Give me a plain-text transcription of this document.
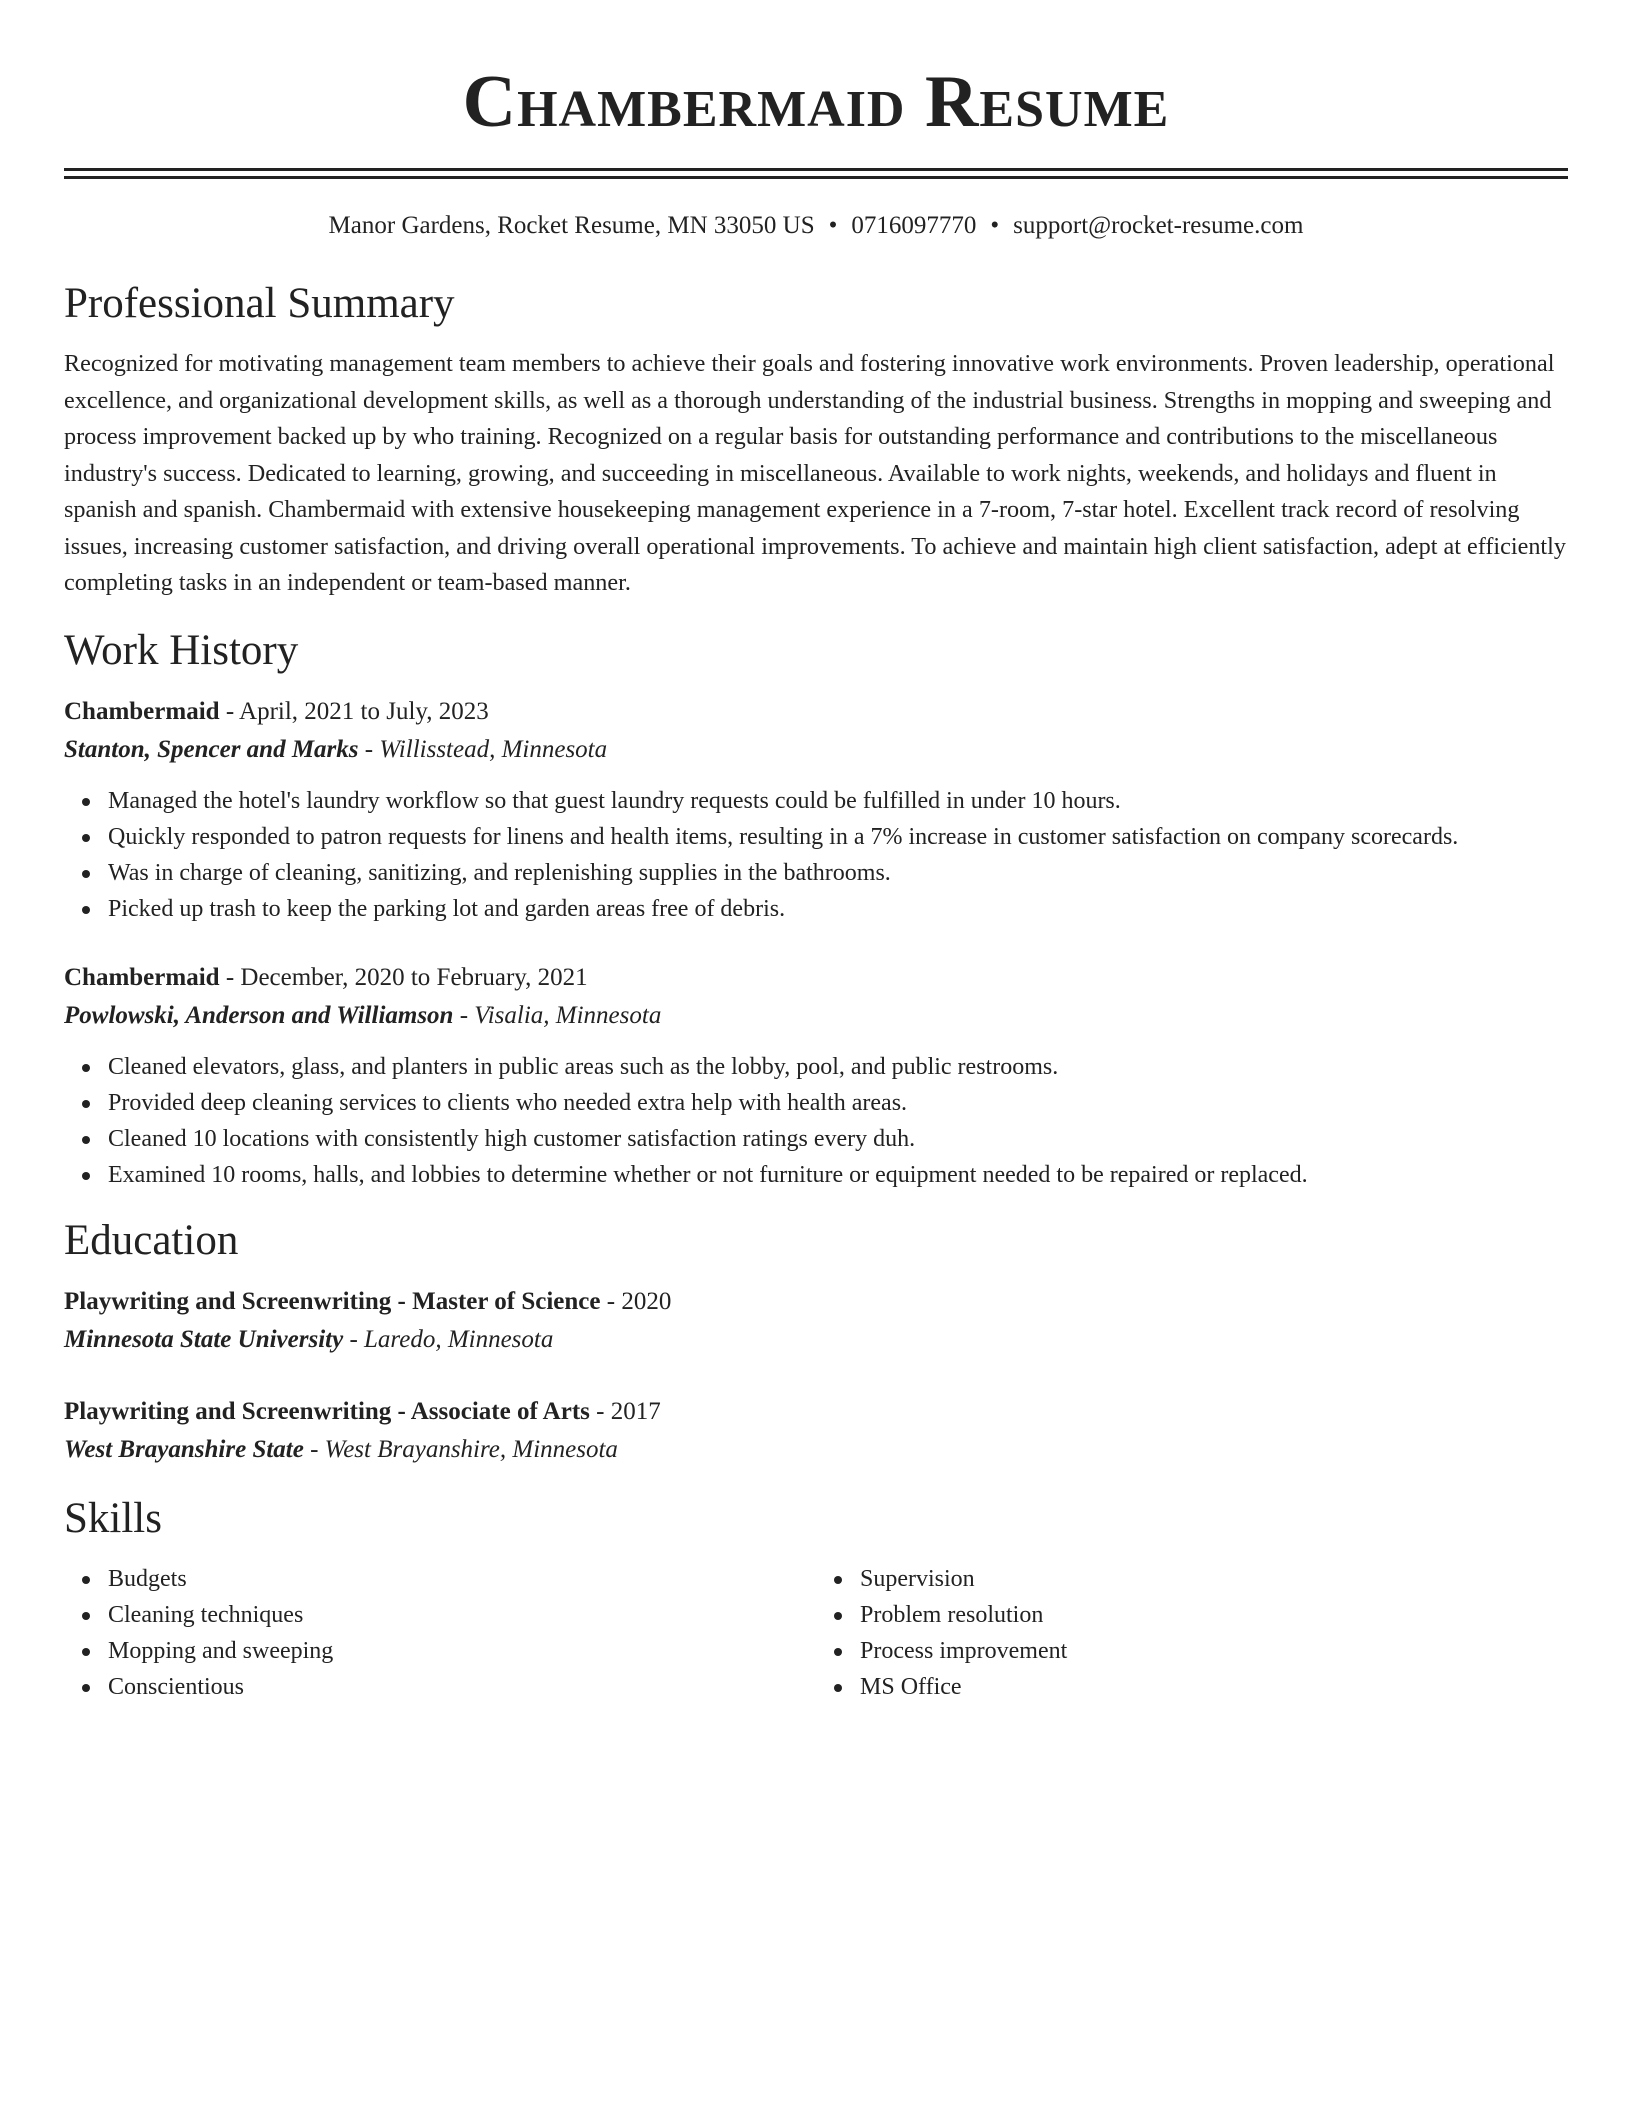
Chambermaid Resume
Manor Gardens, Rocket Resume, MN 33050 US • 0716097770 • support@rocket-resume.com
Professional Summary
Recognized for motivating management team members to achieve their goals and fostering innovative work environments. Proven leadership, operational excellence, and organizational development skills, as well as a thorough understanding of the industrial business. Strengths in mopping and sweeping and process improvement backed up by who training. Recognized on a regular basis for outstanding performance and contributions to the miscellaneous industry's success. Dedicated to learning, growing, and succeeding in miscellaneous. Available to work nights, weekends, and holidays and fluent in spanish and spanish. Chambermaid with extensive housekeeping management experience in a 7-room, 7-star hotel. Excellent track record of resolving issues, increasing customer satisfaction, and driving overall operational improvements. To achieve and maintain high client satisfaction, adept at efficiently completing tasks in an independent or team-based manner.
Work History
Chambermaid - April, 2021 to July, 2023
Stanton, Spencer and Marks - Willisstead, Minnesota
Managed the hotel's laundry workflow so that guest laundry requests could be fulfilled in under 10 hours.
Quickly responded to patron requests for linens and health items, resulting in a 7% increase in customer satisfaction on company scorecards.
Was in charge of cleaning, sanitizing, and replenishing supplies in the bathrooms.
Picked up trash to keep the parking lot and garden areas free of debris.
Chambermaid - December, 2020 to February, 2021
Powlowski, Anderson and Williamson - Visalia, Minnesota
Cleaned elevators, glass, and planters in public areas such as the lobby, pool, and public restrooms.
Provided deep cleaning services to clients who needed extra help with health areas.
Cleaned 10 locations with consistently high customer satisfaction ratings every duh.
Examined 10 rooms, halls, and lobbies to determine whether or not furniture or equipment needed to be repaired or replaced.
Education
Playwriting and Screenwriting - Master of Science - 2020
Minnesota State University - Laredo, Minnesota
Playwriting and Screenwriting - Associate of Arts - 2017
West Brayanshire State - West Brayanshire, Minnesota
Skills
Budgets
Cleaning techniques
Mopping and sweeping
Conscientious
Supervision
Problem resolution
Process improvement
MS Office
